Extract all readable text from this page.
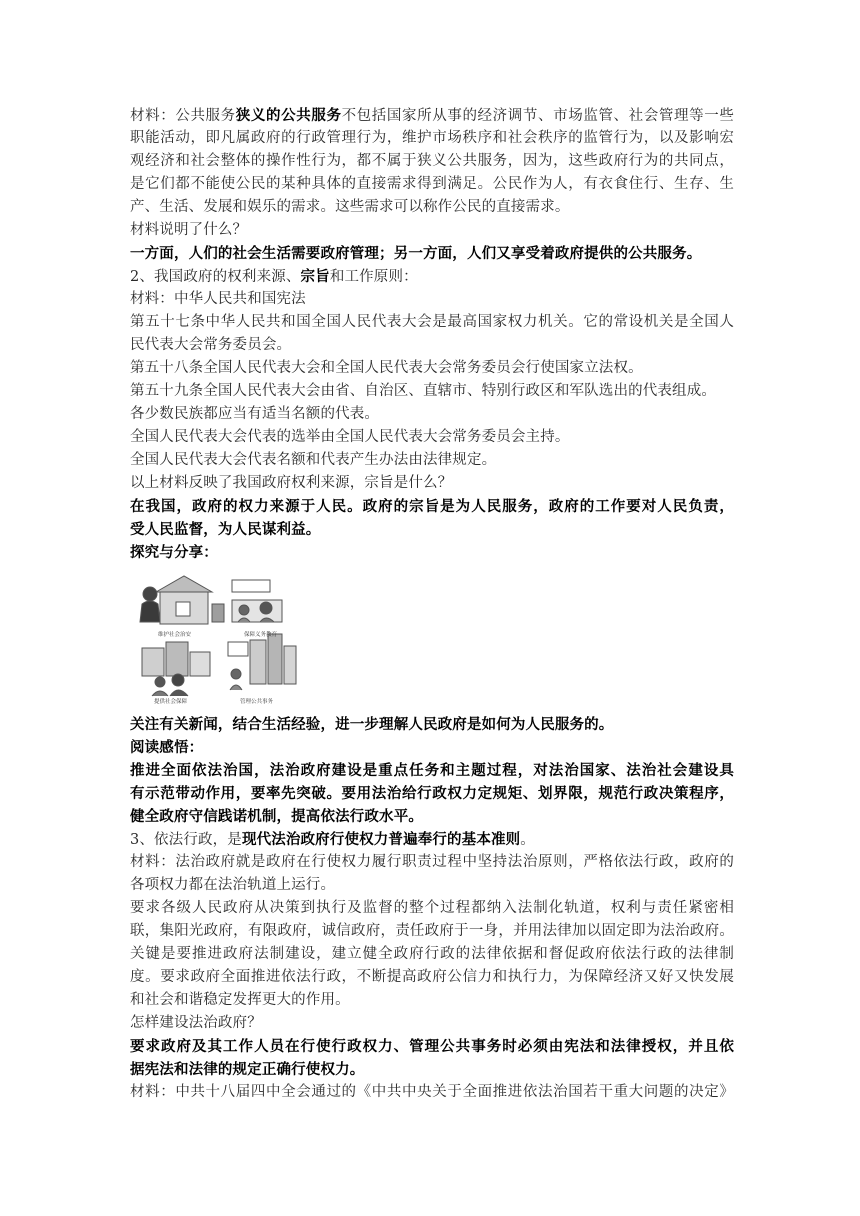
材料：公共服务狭义的公共服务不包括国家所从事的经济调节、市场监管、社会管理等一些
职能活动，即凡属政府的行政管理行为，维护市场秩序和社会秩序的监管行为，以及影响宏
观经济和社会整体的操作性行为，都不属于狭义公共服务，因为，这些政府行为的共同点，
是它们都不能使公民的某种具体的直接需求得到满足。公民作为人，有衣食住行、生存、生
产、生活、发展和娱乐的需求。这些需求可以称作公民的直接需求。
材料说明了什么？
一方面，人们的社会生活需要政府管理；另一方面，人们又享受着政府提供的公共服务。
2、我国政府的权利来源、宗旨和工作原则：
材料：中华人民共和国宪法
第五十七条中华人民共和国全国人民代表大会是最高国家权力机关。它的常设机关是全国人
民代表大会常务委员会。
第五十八条全国人民代表大会和全国人民代表大会常务委员会行使国家立法权。
第五十九条全国人民代表大会由省、自治区、直辖市、特别行政区和军队选出的代表组成。
各少数民族都应当有适当名额的代表。
全国人民代表大会代表的选举由全国人民代表大会常务委员会主持。
全国人民代表大会代表名额和代表产生办法由法律规定。
以上材料反映了我国政府权利来源，宗旨是什么？
在我国，政府的权力来源于人民。政府的宗旨是为人民服务，政府的工作要对人民负责，
受人民监督，为人民谋利益。
探究与分享：
维护社会治安	保障义务教育
提供社会保障	管理公共事务
关注有关新闻，结合生活经验，进一步理解人民政府是如何为人民服务的。
阅读感悟：
推进全面依法治国，法治政府建设是重点任务和主题过程，对法治国家、法治社会建设具
有示范带动作用，要率先突破。要用法治给行政权力定规矩、划界限，规范行政决策程序，
健全政府守信践诺机制，提高依法行政水平。
3、依法行政，是现代法治政府行使权力普遍奉行的基本准则。
材料：法治政府就是政府在行使权力履行职责过程中坚持法治原则，严格依法行政，政府的
各项权力都在法治轨道上运行。
要求各级人民政府从决策到执行及监督的整个过程都纳入法制化轨道，权利与责任紧密相
联，集阳光政府，有限政府，诚信政府，责任政府于一身，并用法律加以固定即为法治政府。
关键是要推进政府法制建设，建立健全政府行政的法律依据和督促政府依法行政的法律制
度。要求政府全面推进依法行政，不断提高政府公信力和执行力，为保障经济又好又快发展
和社会和谐稳定发挥更大的作用。
怎样建设法治政府？
要求政府及其工作人员在行使行政权力、管理公共事务时必须由宪法和法律授权，并且依
据宪法和法律的规定正确行使权力。
材料：中共十八届四中全会通过的《中共中央关于全面推进依法治国若干重大问题的决定》
